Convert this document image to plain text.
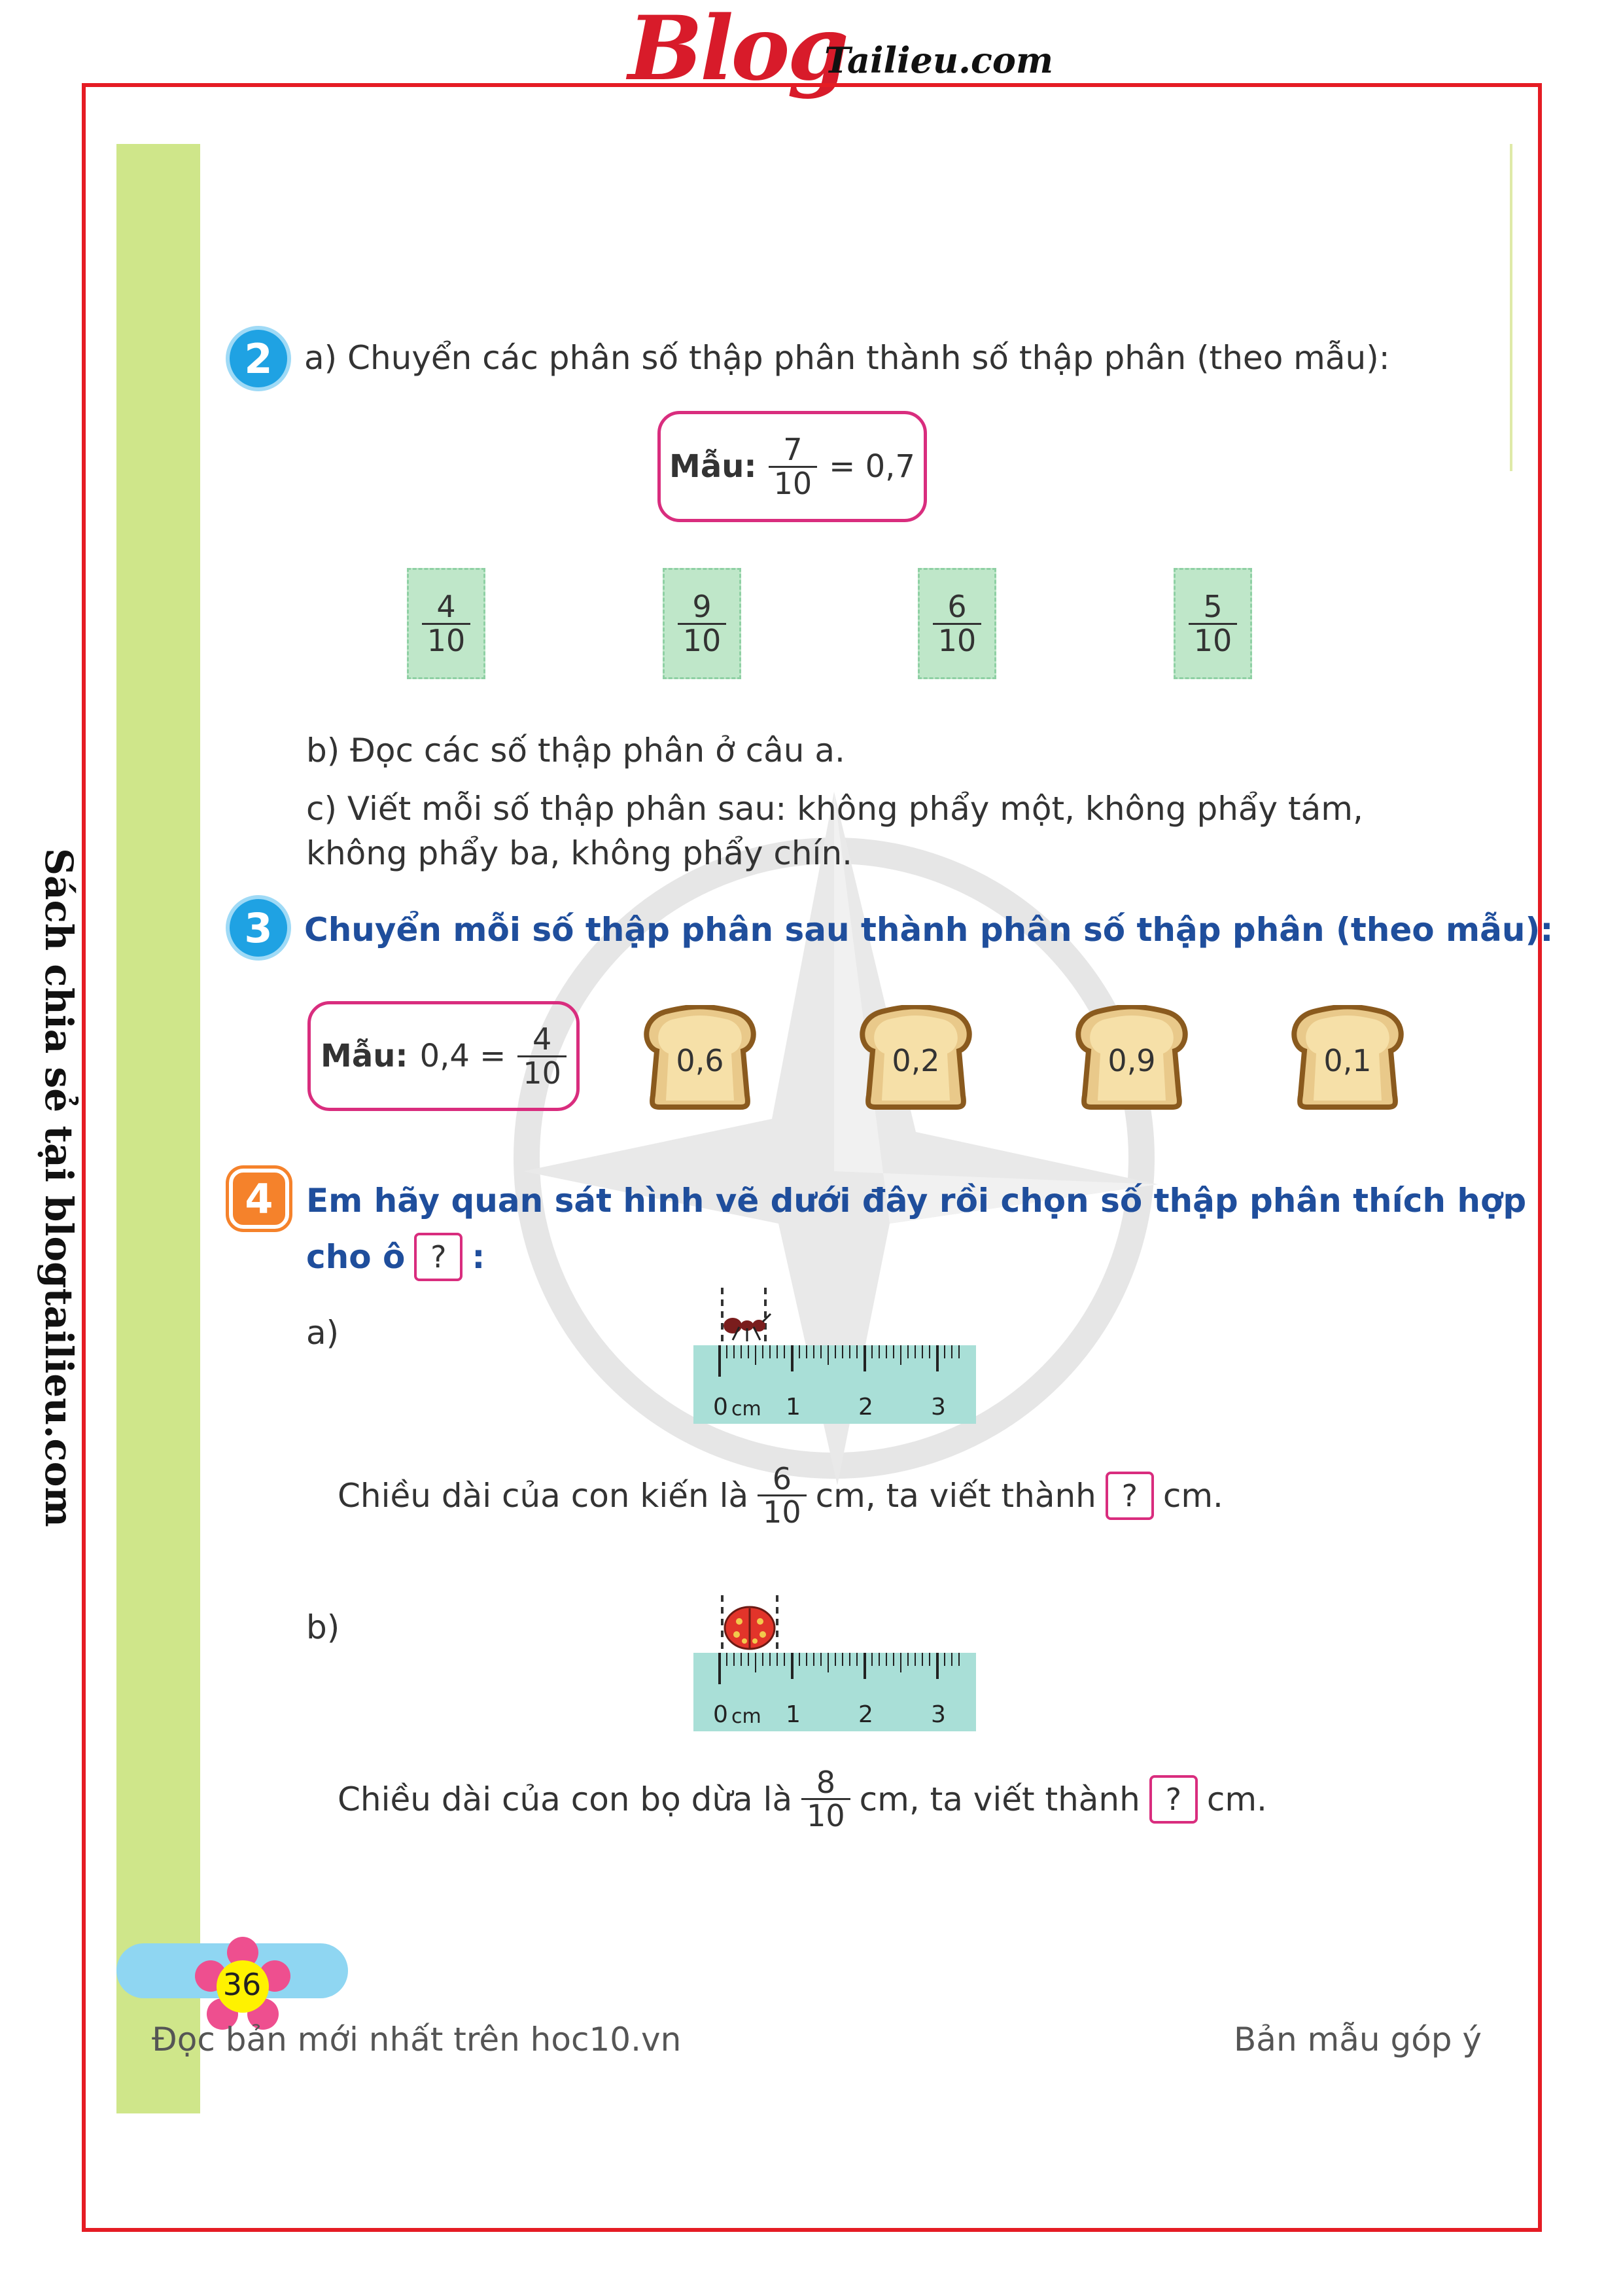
Blog
Tailieu.com
Sách chia sẻ tại blogtailieu.com
2 a) Chuyển các phân số thập phân thành số thập phân (theo mẫu):
Mẫu: $\frac{7}{10} = 0,7$
$\frac{4}{10}$	$\frac{9}{10}$	$\frac{6}{10}$	$\frac{5}{10}$
b) Đọc các số thập phân ở câu a.
c) Viết mỗi số thập phân sau: không phẩy một, không phẩy tám,
không phẩy ba, không phẩy chín.
3 Chuyển mỗi số thập phân sau thành phân số thập phân (theo mẫu):
Mẫu: $0,4 = \frac{4}{10}$	0,6	0,2	0,9	0,1
4 Em hãy quan sát hình vẽ dưới đây rồi chọn số thập phân thích hợp
cho ô ? :
a)
0 cm 1 2 3
Chiều dài của con kiến là $\frac{6}{10}$ cm, ta viết thành ? cm.
b)
0 cm 1 2 3
Chiều dài của con bọ dừa là $\frac{8}{10}$ cm, ta viết thành ? cm.
36
Đọc bản mới nhất trên hoc10.vn	Bản mẫu góp ý
